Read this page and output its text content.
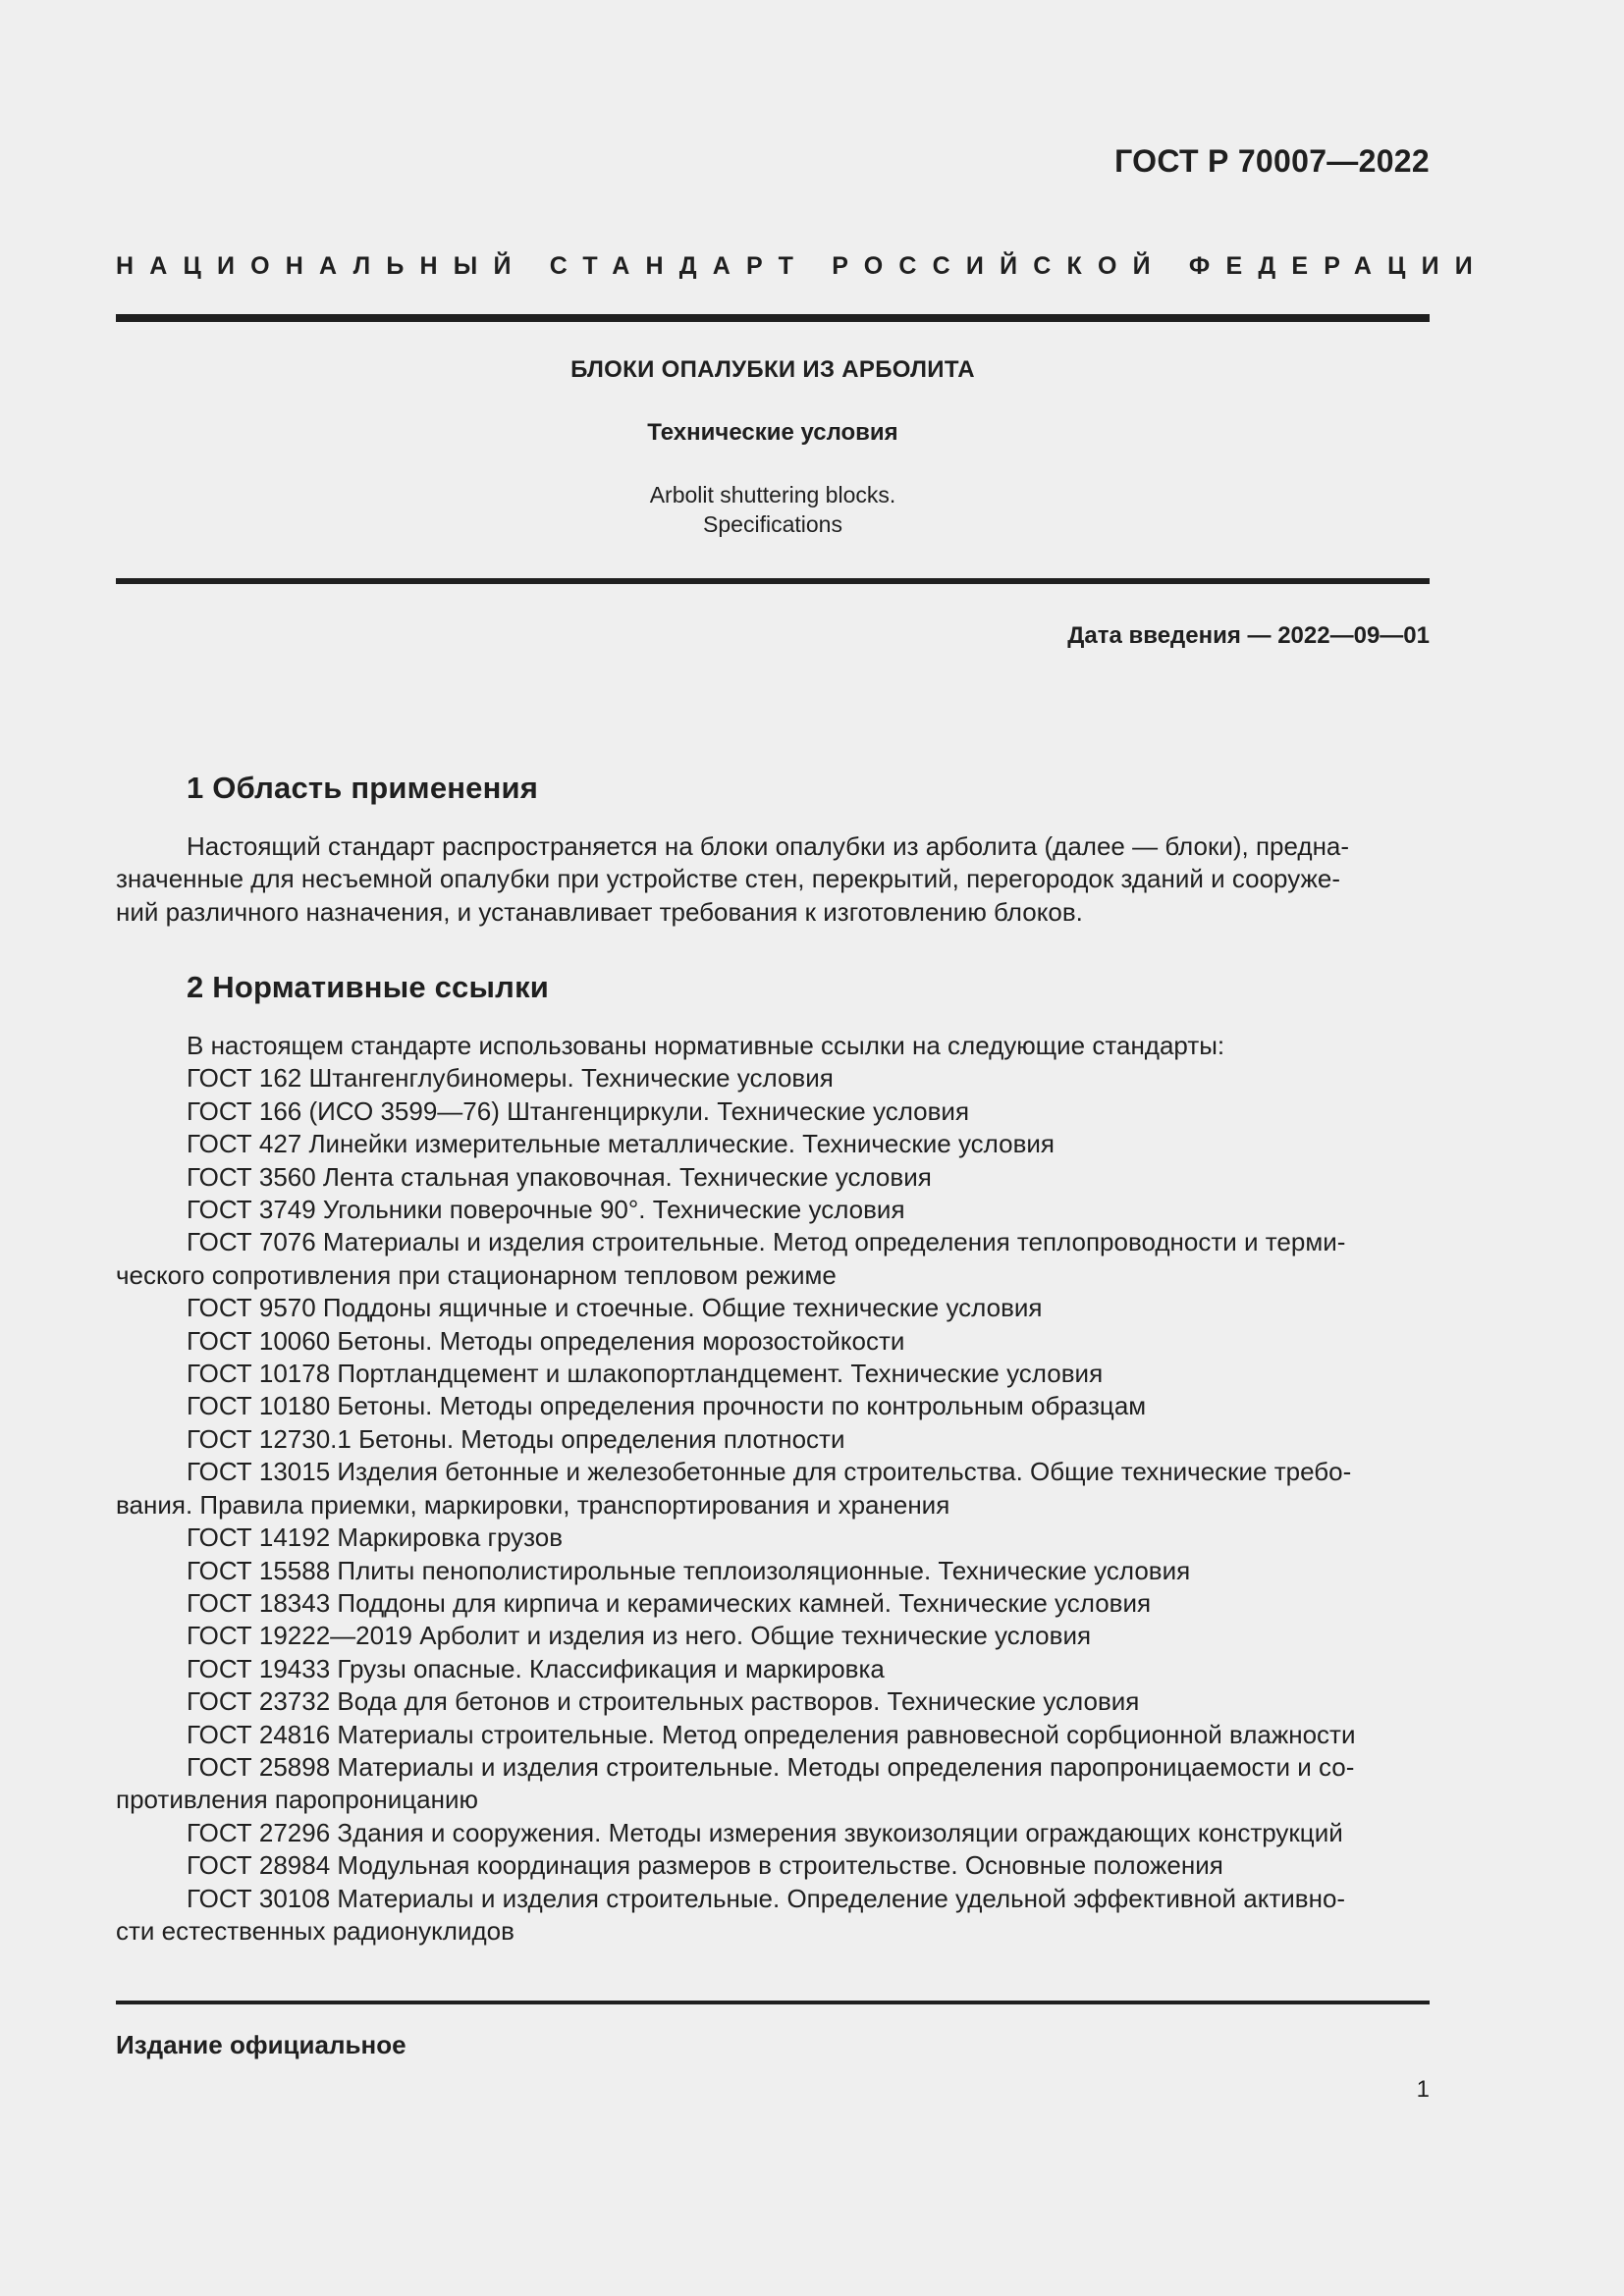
ГОСТ Р 70007—2022
НАЦИОНАЛЬНЫЙ СТАНДАРТ РОССИЙСКОЙ ФЕДЕРАЦИИ
БЛОКИ ОПАЛУБКИ ИЗ АРБОЛИТА
Технические условия
Arbolit shuttering blocks.
Specifications
Дата введения — 2022—09—01
1 Область применения
Настоящий стандарт распространяется на блоки опалубки из арболита (далее — блоки), предна-
значенные для несъемной опалубки при устройстве стен, перекрытий, перегородок зданий и сооруже-
ний различного назначения, и устанавливает требования к изготовлению блоков.
2 Нормативные ссылки
В настоящем стандарте использованы нормативные ссылки на следующие стандарты:
ГОСТ 162 Штангенглубиномеры. Технические условия
ГОСТ 166 (ИСО 3599—76) Штангенциркули. Технические условия
ГОСТ 427 Линейки измерительные металлические. Технические условия
ГОСТ 3560 Лента стальная упаковочная. Технические условия
ГОСТ 3749 Угольники поверочные 90°. Технические условия
ГОСТ 7076 Материалы и изделия строительные. Метод определения теплопроводности и терми-
ческого сопротивления при стационарном тепловом режиме
ГОСТ 9570 Поддоны ящичные и стоечные. Общие технические условия
ГОСТ 10060 Бетоны. Методы определения морозостойкости
ГОСТ 10178 Портландцемент и шлакопортландцемент. Технические условия
ГОСТ 10180 Бетоны. Методы определения прочности по контрольным образцам
ГОСТ 12730.1 Бетоны. Методы определения плотности
ГОСТ 13015 Изделия бетонные и железобетонные для строительства. Общие технические требо-
вания. Правила приемки, маркировки, транспортирования и хранения
ГОСТ 14192 Маркировка грузов
ГОСТ 15588 Плиты пенополистирольные теплоизоляционные. Технические условия
ГОСТ 18343 Поддоны для кирпича и керамических камней. Технические условия
ГОСТ 19222—2019 Арболит и изделия из него. Общие технические условия
ГОСТ 19433 Грузы опасные. Классификация и маркировка
ГОСТ 23732 Вода для бетонов и строительных растворов. Технические условия
ГОСТ 24816 Материалы строительные. Метод определения равновесной сорбционной влажности
ГОСТ 25898 Материалы и изделия строительные. Методы определения паропроницаемости и со-
противления паропроницанию
ГОСТ 27296 Здания и сооружения. Методы измерения звукоизоляции ограждающих конструкций
ГОСТ 28984 Модульная координация размеров в строительстве. Основные положения
ГОСТ 30108 Материалы и изделия строительные. Определение удельной эффективной активно-
сти естественных радионуклидов
Издание официальное
1
